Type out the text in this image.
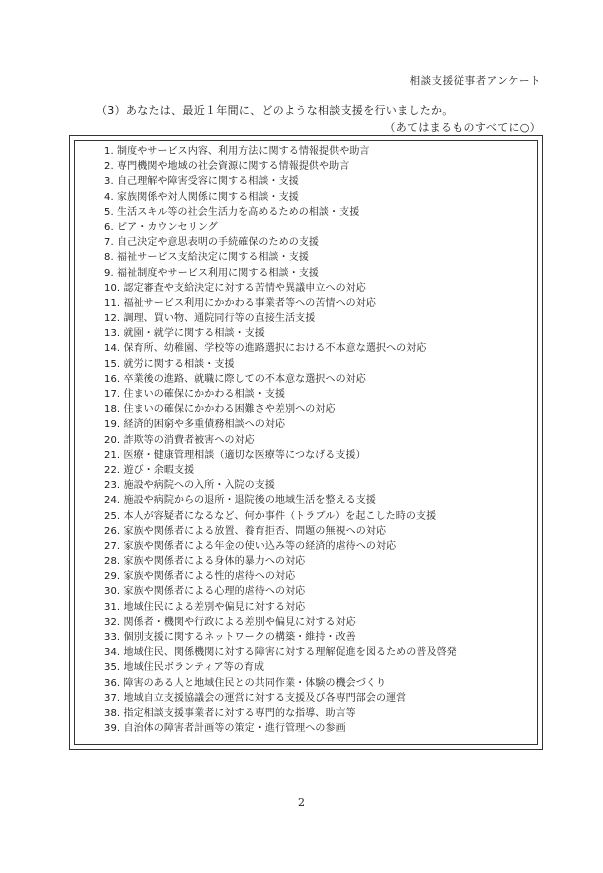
相談支援従事者アンケート
（3）あなたは、最近１年間に、どのような相談支援を行いましたか。
（あてはまるものすべてに○）
1. 制度やサービス内容、利用方法に関する情報提供や助言
2. 専門機関や地域の社会資源に関する情報提供や助言
3. 自己理解や障害受容に関する相談・支援
4. 家族関係や対人関係に関する相談・支援
5. 生活スキル等の社会生活力を高めるための相談・支援
6. ピア・カウンセリング
7. 自己決定や意思表明の手続確保のための支援
8. 福祉サービス支給決定に関する相談・支援
9. 福祉制度やサービス利用に関する相談・支援
10. 認定審査や支給決定に対する苦情や異議申立への対応
11. 福祉サービス利用にかかわる事業者等への苦情への対応
12. 調理、買い物、通院同行等の直接生活支援
13. 就園・就学に関する相談・支援
14. 保育所、幼稚園、学校等の進路選択における不本意な選択への対応
15. 就労に関する相談・支援
16. 卒業後の進路、就職に際しての不本意な選択への対応
17. 住まいの確保にかかわる相談・支援
18. 住まいの確保にかかわる困難さや差別への対応
19. 経済的困窮や多重債務相談への対応
20. 詐欺等の消費者被害への対応
21. 医療・健康管理相談（適切な医療等につなげる支援）
22. 遊び・余暇支援
23. 施設や病院への入所・入院の支援
24. 施設や病院からの退所・退院後の地域生活を整える支援
25. 本人が容疑者になるなど、何か事件（トラブル）を起こした時の支援
26. 家族や関係者による放置、養育拒否、問題の無視への対応
27. 家族や関係者による年金の使い込み等の経済的虐待への対応
28. 家族や関係者による身体的暴力への対応
29. 家族や関係者による性的虐待への対応
30. 家族や関係者による心理的虐待への対応
31. 地域住民による差別や偏見に対する対応
32. 関係者・機関や行政による差別や偏見に対する対応
33. 個別支援に関するネットワークの構築・維持・改善
34. 地域住民、関係機関に対する障害に対する理解促進を図るための普及啓発
35. 地域住民ボランティア等の育成
36. 障害のある人と地域住民との共同作業・体験の機会づくり
37. 地域自立支援協議会の運営に対する支援及び各専門部会の運営
38. 指定相談支援事業者に対する専門的な指導、助言等
39. 自治体の障害者計画等の策定・進行管理への参画
2
